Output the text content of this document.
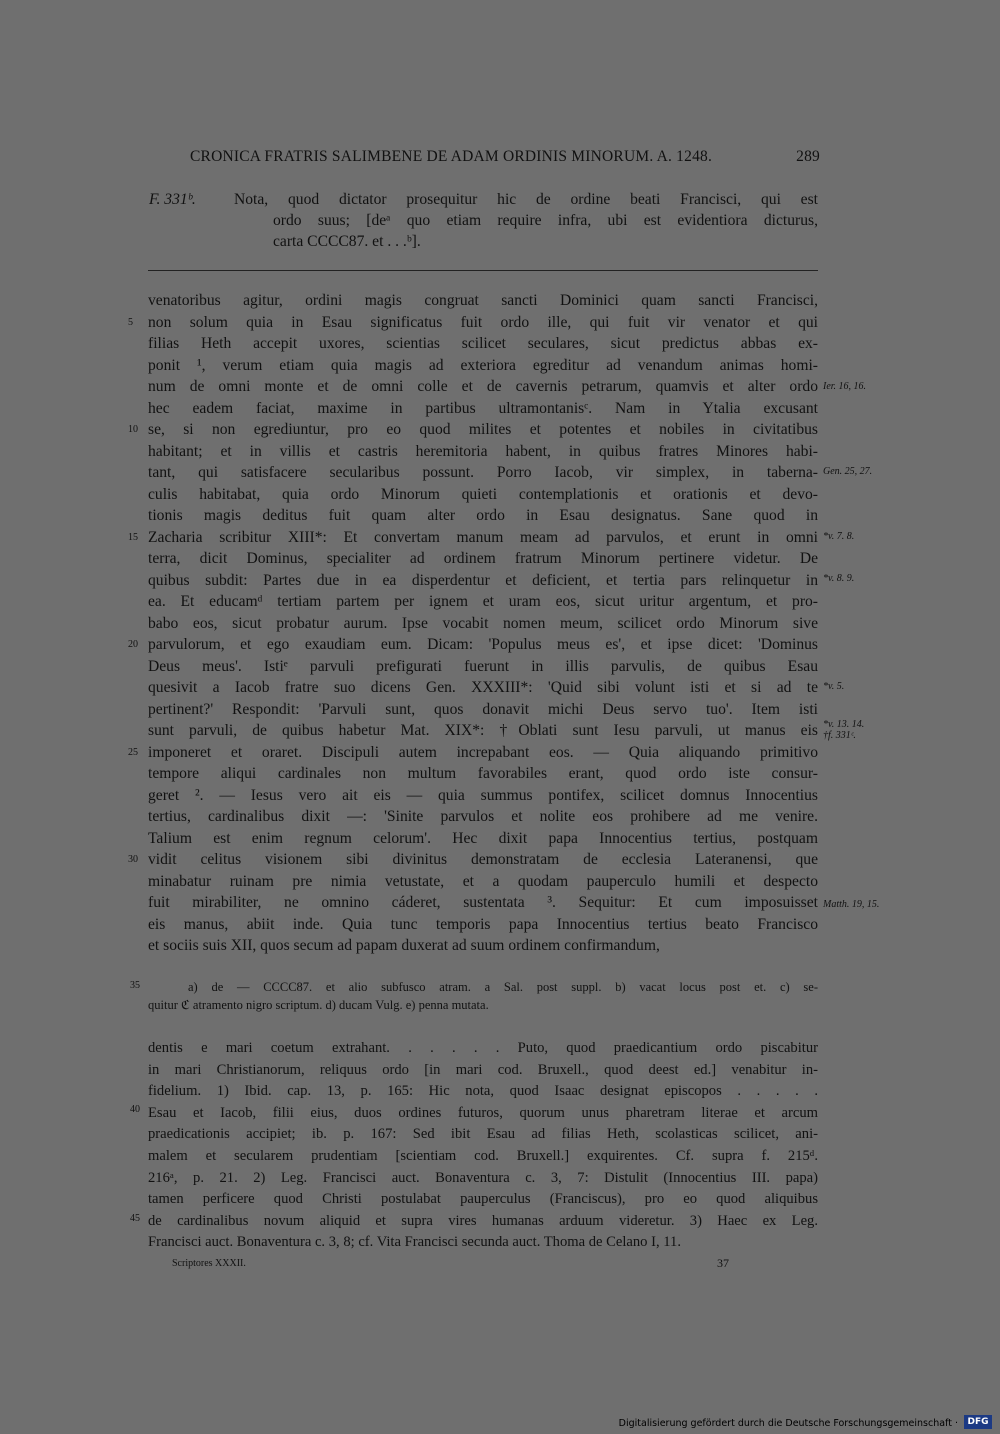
CRONICA FRATRIS SALIMBENE DE ADAM ORDINIS MINORUM. A. 1248.	289
F. 331ᵇ. Nota, quod dictator prosequitur hic de ordine beati Francisci, qui est
ordo suus; [deᵃ quo etiam require infra, ubi est evidentiora dicturus,
carta CCCC87. et . . .ᵇ].
venatoribus agitur, ordini magis congruat sancti Dominici quam sancti Francisci,
non solum quia in Esau significatus fuit ordo ille, qui fuit vir venator et qui
filias Heth accepit uxores, scientias scilicet seculares, sicut predictus abbas ex-
ponit ¹, verum etiam quia magis ad exteriora egreditur ad venandum animas homi-
num de omni monte et de omni colle et de cavernis petrarum, quamvis et alter ordo
hec eadem faciat, maxime in partibus ultramontanisᶜ. Nam in Ytalia excusant
se, si non egrediuntur, pro eo quod milites et potentes et nobiles in civitatibus
habitant; et in villis et castris heremitoria habent, in quibus fratres Minores habi-
tant, qui satisfacere secularibus possunt. Porro Iacob, vir simplex, in taberna-
culis habitabat, quia ordo Minorum quieti contemplationis et orationis et devo-
tionis magis deditus fuit quam alter ordo in Esau designatus. Sane quod in
Zacharia scribitur XIII*: Et convertam manum meam ad parvulos, et erunt in omni
terra, dicit Dominus, specialiter ad ordinem fratrum Minorum pertinere videtur. De
quibus subdit: Partes due in ea disperdentur et deficient, et tertia pars relinquetur in
ea. Et educamᵈ tertiam partem per ignem et uram eos, sicut uritur argentum, et pro-
babo eos, sicut probatur aurum. Ipse vocabit nomen meum, scilicet ordo Minorum sive
parvulorum, et ego exaudiam eum. Dicam: 'Populus meus es', et ipse dicet: 'Dominus
Deus meus'. Istiᵉ parvuli prefigurati fuerunt in illis parvulis, de quibus Esau
quesivit a Iacob fratre suo dicens Gen. XXXIII*: 'Quid sibi volunt isti et si ad te
pertinent?' Respondit: 'Parvuli sunt, quos donavit michi Deus servo tuo'. Item isti
sunt parvuli, de quibus habetur Mat. XIX*: †Oblati sunt Iesu parvuli, ut manus eis
imponeret et oraret. Discipuli autem increpabant eos. — Quia aliquando primitivo
tempore aliqui cardinales non multum favorabiles erant, quod ordo iste consur-
geret ². — Iesus vero ait eis — quia summus pontifex, scilicet domnus Innocentius
tertius, cardinalibus dixit —: 'Sinite parvulos et nolite eos prohibere ad me venire.
Talium est enim regnum celorum'. Hec dixit papa Innocentius tertius, postquam
vidit celitus visionem sibi divinitus demonstratam de ecclesia Lateranensi, que
minabatur ruinam pre nimia vetustate, et a quodam pauperculo humili et despecto
fuit mirabiliter, ne omnino cáderet, sustentata ³. Sequitur: Et cum imposuisset
eis manus, abiit inde. Quia tunc temporis papa Innocentius tertius beato Francisco
et sociis suis XII, quos secum ad papam duxerat ad suum ordinem confirmandum,
5
10
15
20
25
30
Ier. 16, 16.
Gen. 25, 27.
*v. 7. 8.
*v. 8. 9.
*v. 5.
*v. 13. 14.
†f. 331ᶜ.
Matth. 19, 15.
35	a) de — CCCC87. et alio subfusco atram. a Sal. post suppl. b) vacat locus post et. c) se-
quitur ℭ atramento nigro scriptum. d) ducam Vulg. e) penna mutata.
dentis e mari coetum extrahant. . . . . . Puto, quod praedicantium ordo piscabitur
in mari Christianorum, reliquus ordo [in mari cod. Bruxell., quod deest ed.] venabitur in-
fidelium. 1) Ibid. cap. 13, p. 165: Hic nota, quod Isaac designat episcopos . . . . .
Esau et Iacob, filii eius, duos ordines futuros, quorum unus pharetram literae et arcum
praedicationis accipiet; ib. p. 167: Sed ibit Esau ad filias Heth, scolasticas scilicet, ani-
malem et secularem prudentiam [scientiam cod. Bruxell.] exquirentes. Cf. supra f. 215ᵈ.
216ᵃ, p. 21. 2) Leg. Francisci auct. Bonaventura c. 3, 7: Distulit (Innocentius III. papa)
tamen perficere quod Christi postulabat pauperculus (Franciscus), pro eo quod aliquibus
de cardinalibus novum aliquid et supra vires humanas arduum videretur. 3) Haec ex Leg.
Francisci auct. Bonaventura c. 3, 8; cf. Vita Francisci secunda auct. Thoma de Celano I, 11.
40
45
Scriptores XXXII.	37
Digitalisierung gefördert durch die Deutsche Forschungsgemeinschaft ·	DFG
